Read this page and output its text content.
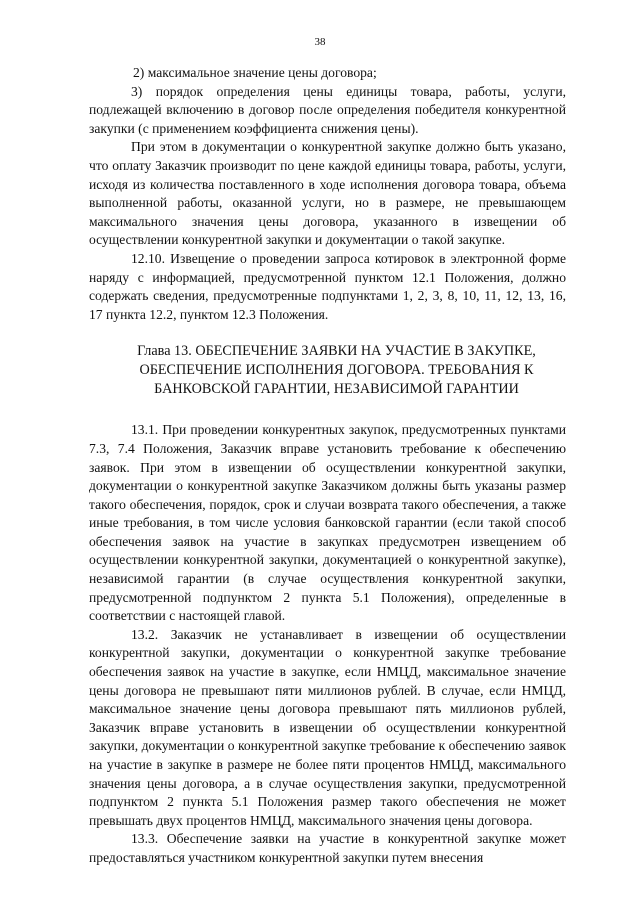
38

2) максимальное значение цены договора;

3) порядок определения цены единицы товара, работы, услуги, подлежащей включению в договор после определения победителя конкурентной закупки (с применением коэффициента снижения цены).

При этом в документации о конкурентной закупке должно быть указано, что оплату Заказчик производит по цене каждой единицы товара, работы, услуги, исходя из количества поставленного в ходе исполнения договора товара, объема выполненной работы, оказанной услуги, но в размере, не превышающем максимального значения цены договора, указанного в извещении об осуществлении конкурентной закупки и документации о такой закупке.

12.10. Извещение о проведении запроса котировок в электронной форме наряду с информацией, предусмотренной пунктом 12.1 Положения, должно содержать сведения, предусмотренные подпунктами 1, 2, 3, 8, 10, 11, 12, 13, 16, 17 пункта 12.2, пунктом 12.3 Положения.

Глава 13. ОБЕСПЕЧЕНИЕ ЗАЯВКИ НА УЧАСТИЕ В ЗАКУПКЕ,
ОБЕСПЕЧЕНИЕ ИСПОЛНЕНИЯ ДОГОВОРА. ТРЕБОВАНИЯ К
БАНКОВСКОЙ ГАРАНТИИ, НЕЗАВИСИМОЙ ГАРАНТИИ

13.1. При проведении конкурентных закупок, предусмотренных пунктами 7.3, 7.4 Положения, Заказчик вправе установить требование к обеспечению заявок. При этом в извещении об осуществлении конкурентной закупки, документации о конкурентной закупке Заказчиком должны быть указаны размер такого обеспечения, порядок, срок и случаи возврата такого обеспечения, а также иные требования, в том числе условия банковской гарантии (если такой способ обеспечения заявок на участие в закупках предусмотрен извещением об осуществлении конкурентной закупки, документацией о конкурентной закупке), независимой гарантии (в случае осуществления конкурентной закупки, предусмотренной подпунктом 2 пункта 5.1 Положения), определенные в соответствии с настоящей главой.

13.2. Заказчик не устанавливает в извещении об осуществлении конкурентной закупки, документации о конкурентной закупке требование обеспечения заявок на участие в закупке, если НМЦД, максимальное значение цены договора не превышают пяти миллионов рублей. В случае, если НМЦД, максимальное значение цены договора превышают пять миллионов рублей, Заказчик вправе установить в извещении об осуществлении конкурентной закупки, документации о конкурентной закупке требование к обеспечению заявок на участие в закупке в размере не более пяти процентов НМЦД, максимального значения цены договора, а в случае осуществления закупки, предусмотренной подпунктом 2 пункта 5.1 Положения размер такого обеспечения не может превышать двух процентов НМЦД, максимального значения цены договора.

13.3. Обеспечение заявки на участие в конкурентной закупке может предоставляться участником конкурентной закупки путем внесения
